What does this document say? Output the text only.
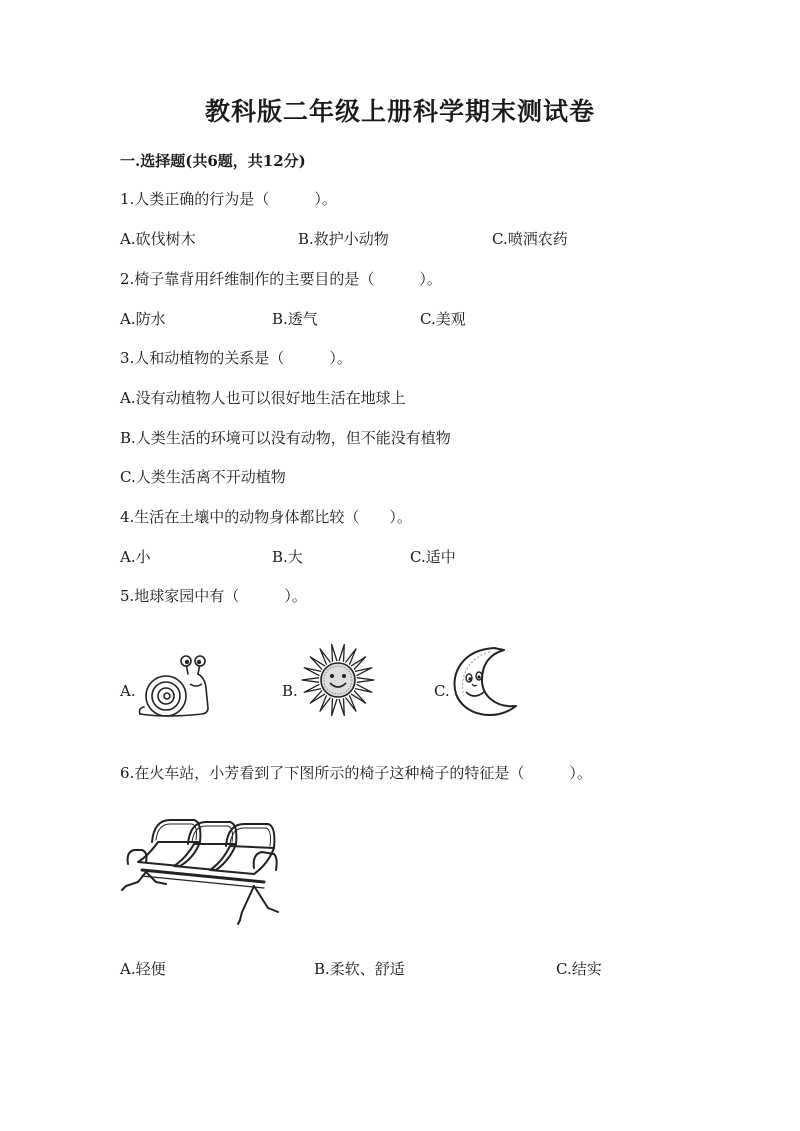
教科版二年级上册科学期末测试卷
一.选择题(共6题，共12分)
1.人类正确的行为是（　　　）。
A.砍伐树木	B.救护小动物	C.喷洒农药
2.椅子靠背用纤维制作的主要目的是（　　　）。
A.防水	B.透气	C.美观
3.人和动植物的关系是（　　　）。
A.没有动植物人也可以很好地生活在地球上
B.人类生活的环境可以没有动物，但不能没有植物
C.人类生活离不开动植物
4.生活在土壤中的动物身体都比较（　　）。
A.小	B.大	C.适中
5.地球家园中有（　　　）。
A.	B.	C.
6.在火车站，小芳看到了下图所示的椅子这种椅子的特征是（　　　）。
A.轻便	B.柔软、舒适	C.结实
